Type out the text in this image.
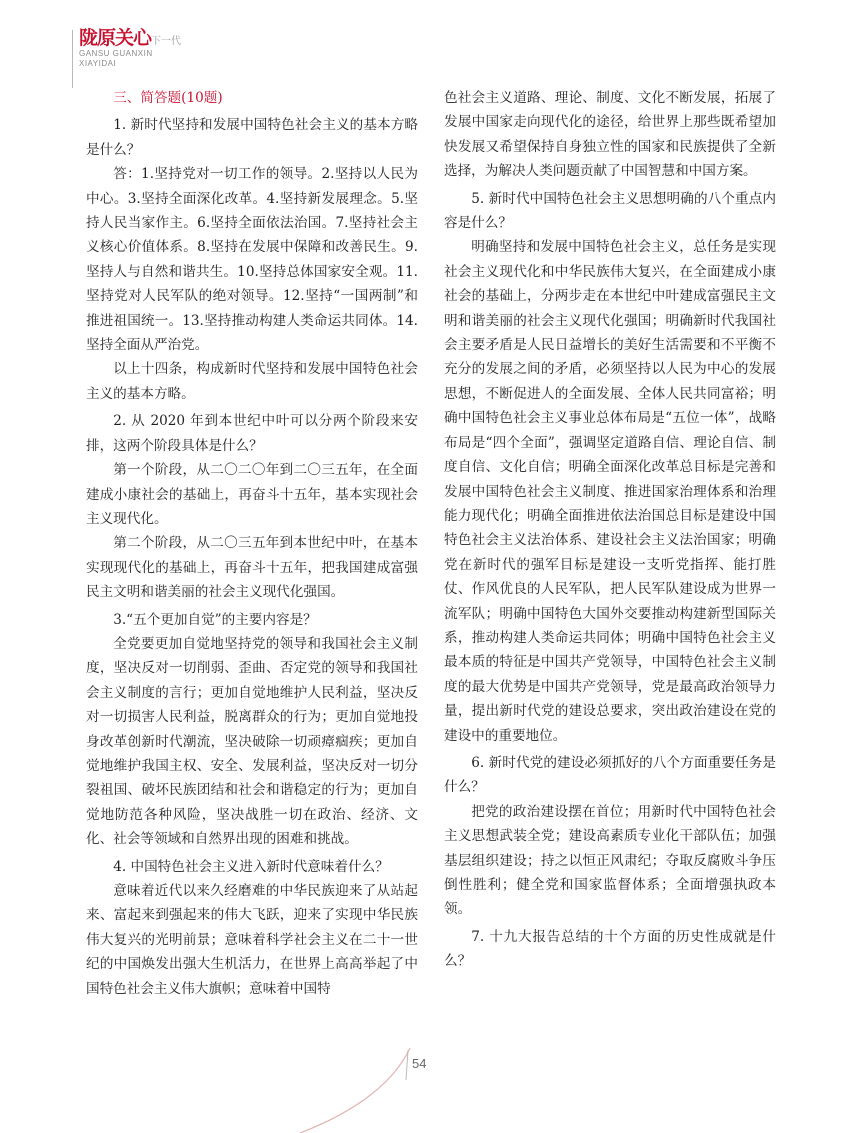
陇原关心下一代
GANSU GUANXIN
XIAYIDAI

三、简答题(10题)

1. 新时代坚持和发展中国特色社会主义的基本方略是什么？

答：1.坚持党对一切工作的领导。2.坚持以人民为中心。3.坚持全面深化改革。4.坚持新发展理念。5.坚持人民当家作主。6.坚持全面依法治国。7.坚持社会主义核心价值体系。8.坚持在发展中保障和改善民生。9.坚持人与自然和谐共生。10.坚持总体国家安全观。11.坚持党对人民军队的绝对领导。12.坚持“一国两制”和推进祖国统一。13.坚持推动构建人类命运共同体。14.坚持全面从严治党。

以上十四条，构成新时代坚持和发展中国特色社会主义的基本方略。

2. 从 2020 年到本世纪中叶可以分两个阶段来安排，这两个阶段具体是什么？

第一个阶段，从二〇二〇年到二〇三五年，在全面建成小康社会的基础上，再奋斗十五年，基本实现社会主义现代化。

第二个阶段，从二〇三五年到本世纪中叶，在基本实现现代化的基础上，再奋斗十五年，把我国建成富强民主文明和谐美丽的社会主义现代化强国。

3.“五个更加自觉”的主要内容是？

全党要更加自觉地坚持党的领导和我国社会主义制度，坚决反对一切削弱、歪曲、否定党的领导和我国社会主义制度的言行；更加自觉地维护人民利益，坚决反对一切损害人民利益，脱离群众的行为；更加自觉地投身改革创新时代潮流，坚决破除一切顽瘴痼疾；更加自觉地维护我国主权、安全、发展利益，坚决反对一切分裂祖国、破坏民族团结和社会和谐稳定的行为；更加自觉地防范各种风险，坚决战胜一切在政治、经济、文化、社会等领域和自然界出现的困难和挑战。

4. 中国特色社会主义进入新时代意味着什么？

意味着近代以来久经磨难的中华民族迎来了从站起来、富起来到强起来的伟大飞跃，迎来了实现中华民族伟大复兴的光明前景；意味着科学社会主义在二十一世纪的中国焕发出强大生机活力，在世界上高高举起了中国特色社会主义伟大旗帜；意味着中国特

色社会主义道路、理论、制度、文化不断发展，拓展了发展中国家走向现代化的途径，给世界上那些既希望加快发展又希望保持自身独立性的国家和民族提供了全新选择，为解决人类问题贡献了中国智慧和中国方案。

5. 新时代中国特色社会主义思想明确的八个重点内容是什么？

明确坚持和发展中国特色社会主义，总任务是实现社会主义现代化和中华民族伟大复兴，在全面建成小康社会的基础上，分两步走在本世纪中叶建成富强民主文明和谐美丽的社会主义现代化强国；明确新时代我国社会主要矛盾是人民日益增长的美好生活需要和不平衡不充分的发展之间的矛盾，必须坚持以人民为中心的发展思想，不断促进人的全面发展、全体人民共同富裕；明确中国特色社会主义事业总体布局是“五位一体”，战略布局是“四个全面”，强调坚定道路自信、理论自信、制度自信、文化自信；明确全面深化改革总目标是完善和发展中国特色社会主义制度、推进国家治理体系和治理能力现代化；明确全面推进依法治国总目标是建设中国特色社会主义法治体系、建设社会主义法治国家；明确党在新时代的强军目标是建设一支听党指挥、能打胜仗、作风优良的人民军队，把人民军队建设成为世界一流军队；明确中国特色大国外交要推动构建新型国际关系，推动构建人类命运共同体；明确中国特色社会主义最本质的特征是中国共产党领导，中国特色社会主义制度的最大优势是中国共产党领导，党是最高政治领导力量，提出新时代党的建设总要求，突出政治建设在党的建设中的重要地位。

6. 新时代党的建设必须抓好的八个方面重要任务是什么？

把党的政治建设摆在首位；用新时代中国特色社会主义思想武装全党；建设高素质专业化干部队伍；加强基层组织建设；持之以恒正风肃纪；夺取反腐败斗争压倒性胜利；健全党和国家监督体系；全面增强执政本领。

7. 十九大报告总结的十个方面的历史性成就是什么？

54
